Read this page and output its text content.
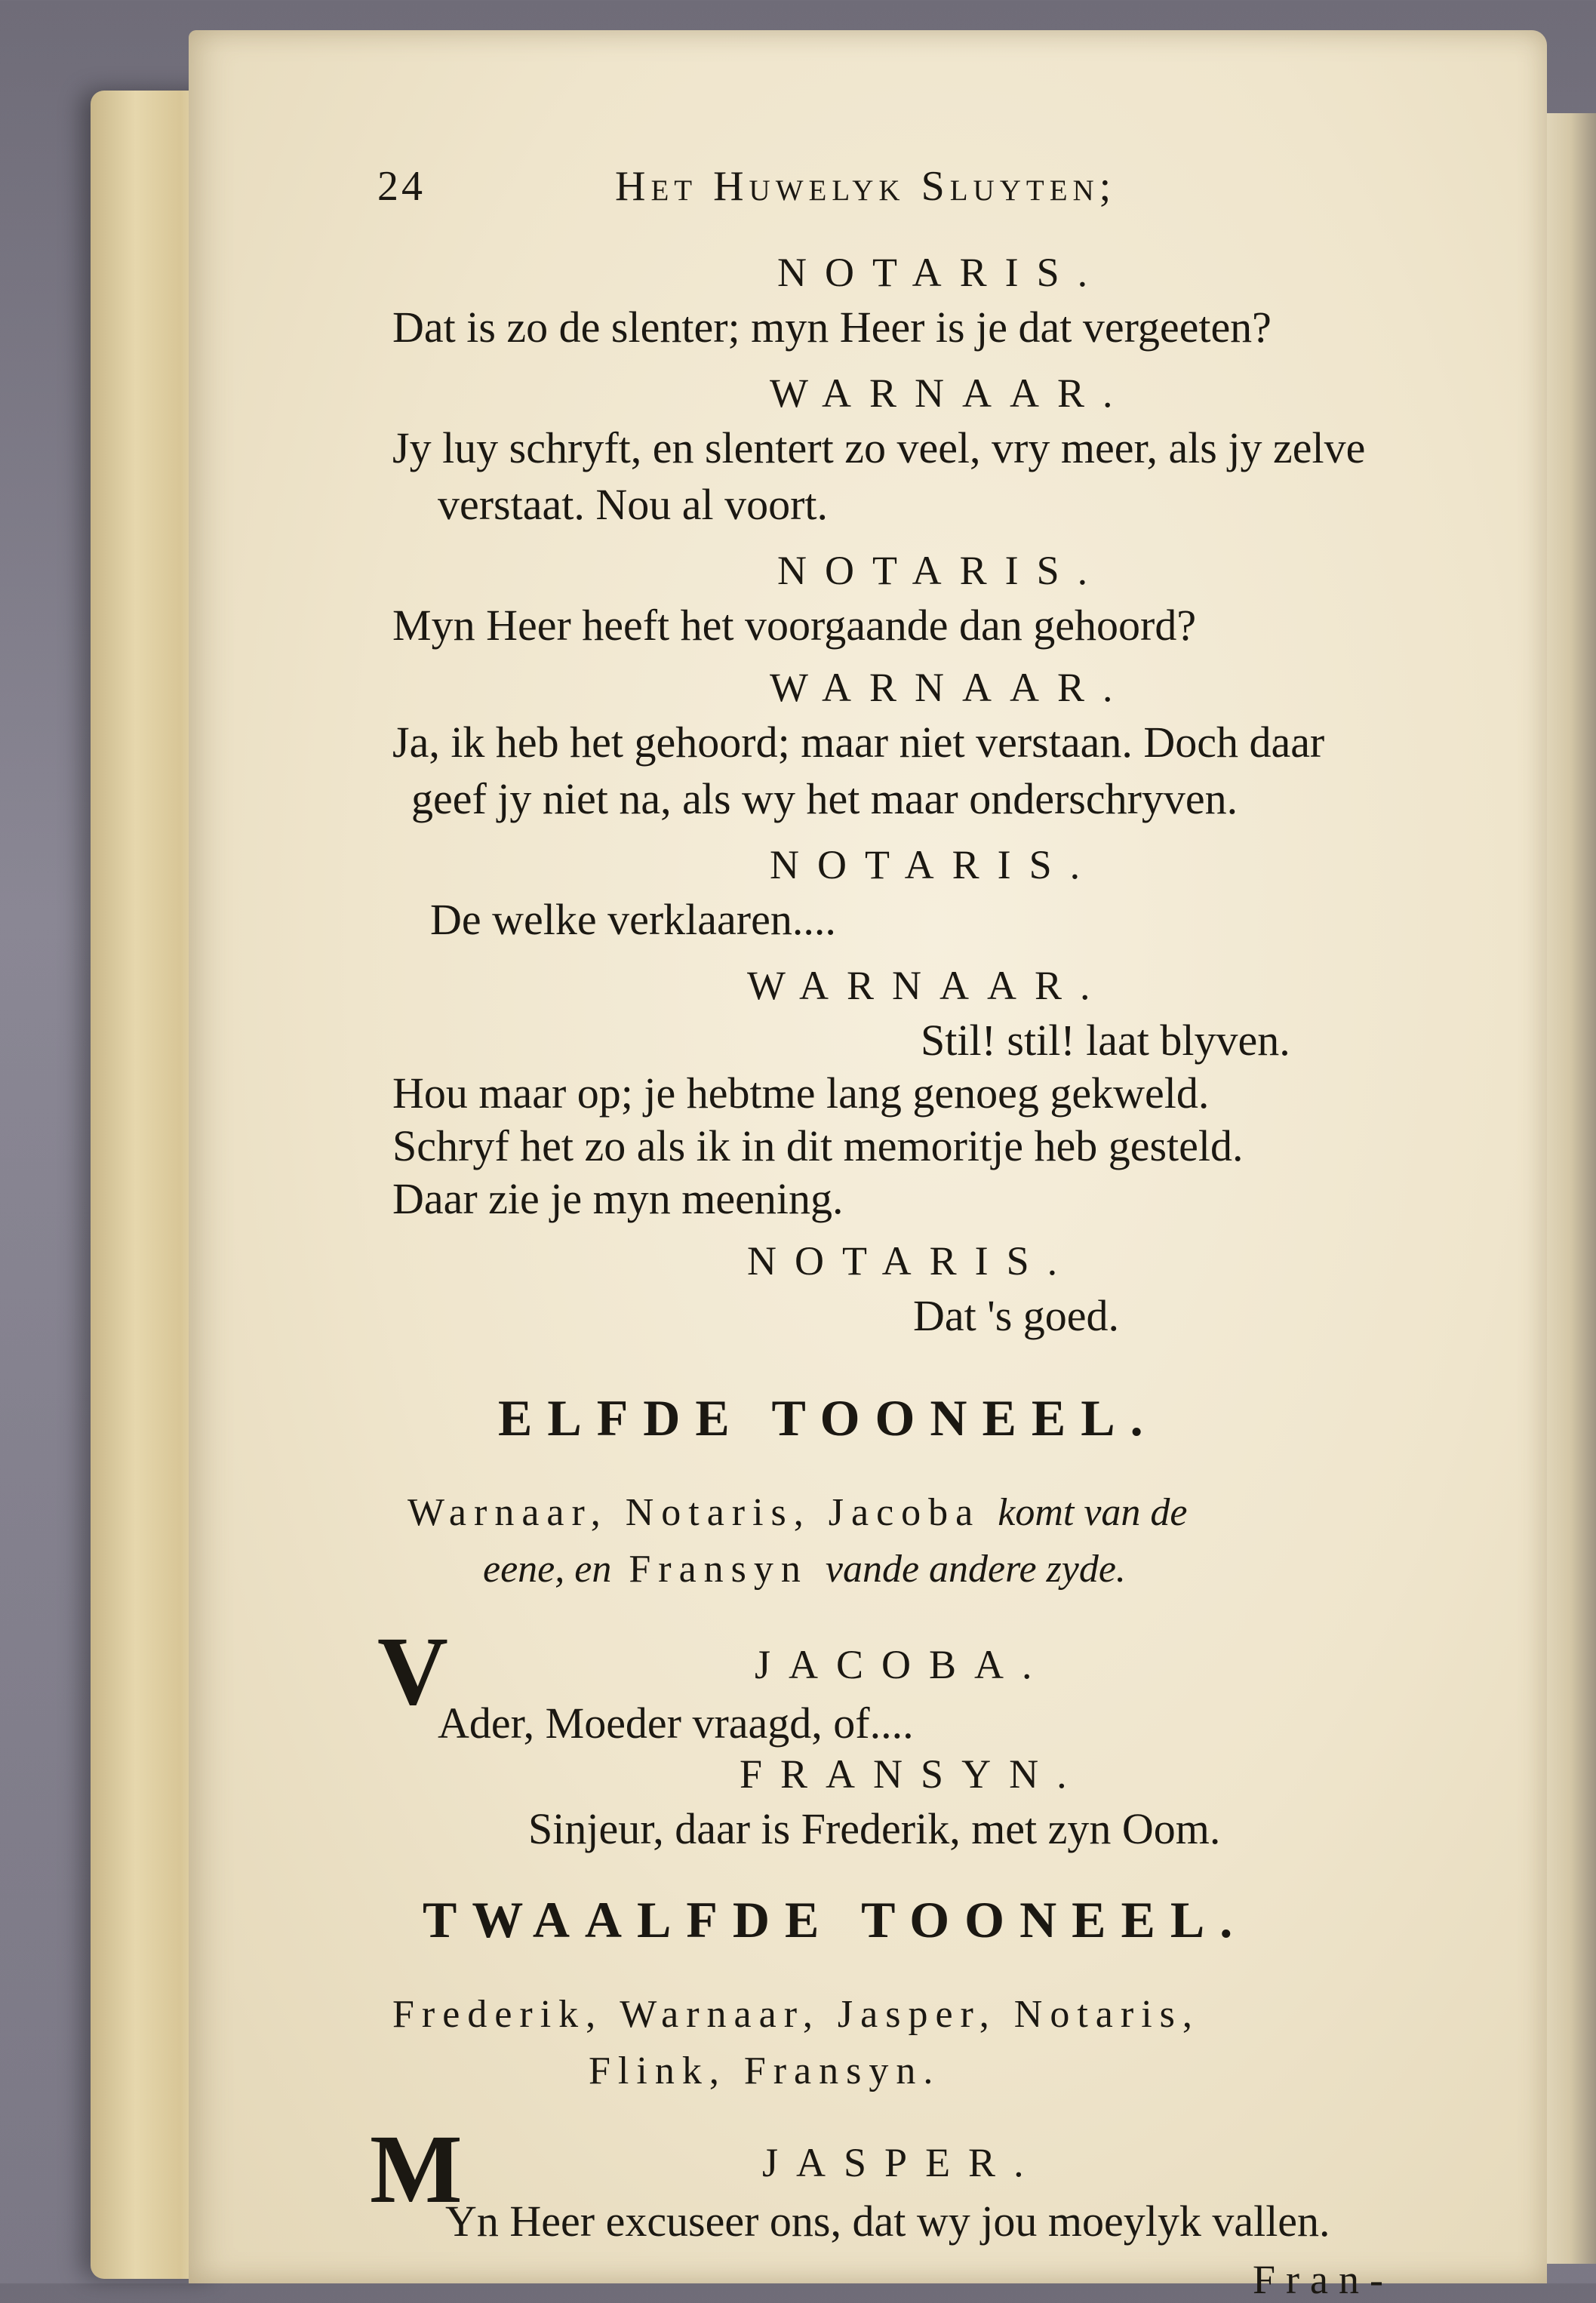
24	Het Huwelyk Sluyten;
NOTARIS.
Dat is zo de slenter; myn Heer is je dat vergeeten?
WARNAAR.
Jy luy schryft, en slentert zo veel, vry meer, als jy zelve
verstaat. Nou al voort.
NOTARIS.
Myn Heer heeft het voorgaande dan gehoord?
WARNAAR.
Ja, ik heb het gehoord; maar niet verstaan. Doch daar
geef jy niet na, als wy het maar onderschryven.
NOTARIS.
De welke verklaaren....
WARNAAR.
Stil! stil! laat blyven.
Hou maar op; je hebtme lang genoeg gekweld.
Schryf het zo als ik in dit memoritje heb gesteld.
Daar zie je myn meening.
NOTARIS.
Dat 's goed.
ELFDE TOONEEL.
Warnaar, Notaris, Jacoba komt van de
eene, en Fransyn vande andere zyde.
JACOBA.
V
Ader, Moeder vraagd, of....
FRANSYN.
Sinjeur, daar is Frederik, met zyn Oom.
TWAALFDE TOONEEL.
Frederik, Warnaar, Jasper, Notaris,
Flink, Fransyn.
JASPER.
M
Yn Heer excuseer ons, dat wy jou moeylyk vallen.
Fran-
